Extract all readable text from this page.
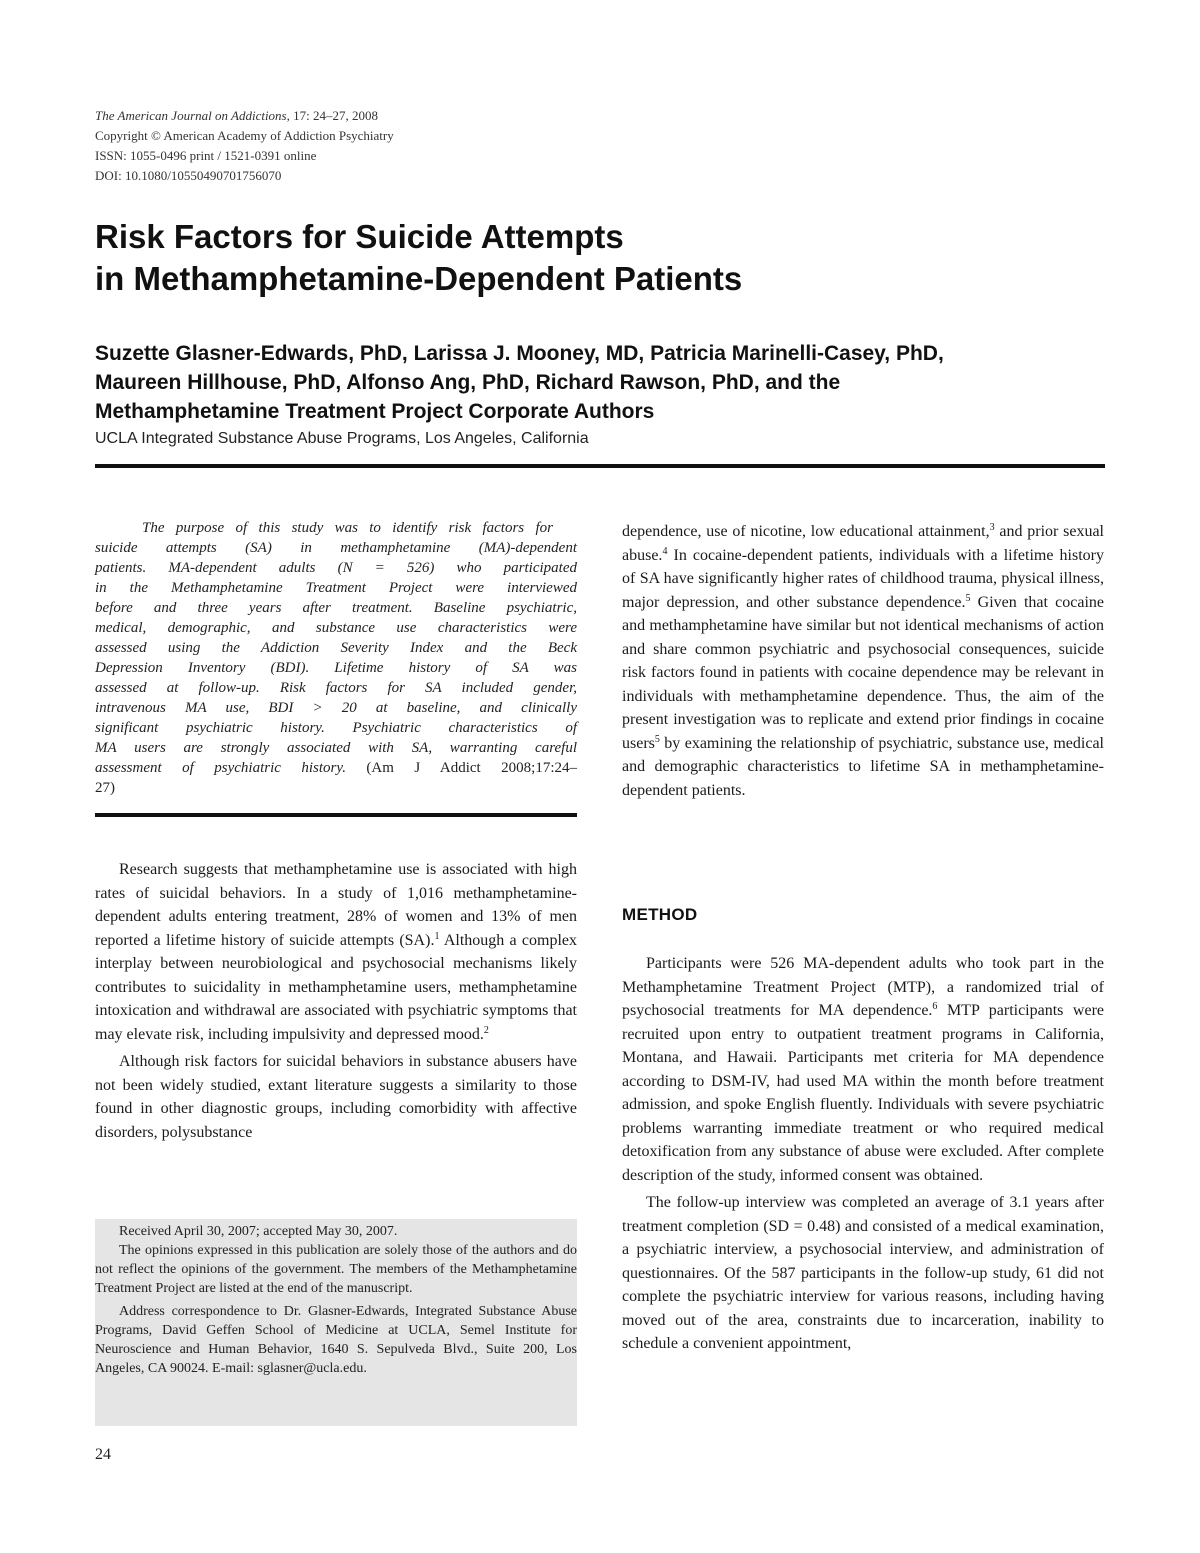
The American Journal on Addictions, 17: 24–27, 2008
Copyright © American Academy of Addiction Psychiatry
ISSN: 1055-0496 print / 1521-0391 online
DOI: 10.1080/10550490701756070
Risk Factors for Suicide Attempts
in Methamphetamine-Dependent Patients
Suzette Glasner-Edwards, PhD, Larissa J. Mooney, MD, Patricia Marinelli-Casey, PhD,
Maureen Hillhouse, PhD, Alfonso Ang, PhD, Richard Rawson, PhD, and the
Methamphetamine Treatment Project Corporate Authors
UCLA Integrated Substance Abuse Programs, Los Angeles, California
The purpose of this study was to identify risk factors for
suicide attempts (SA) in methamphetamine (MA)-dependent
patients. MA-dependent adults (N = 526) who participated
in the Methamphetamine Treatment Project were interviewed
before and three years after treatment. Baseline psychiatric,
medical, demographic, and substance use characteristics were
assessed using the Addiction Severity Index and the Beck
Depression Inventory (BDI). Lifetime history of SA was
assessed at follow-up. Risk factors for SA included gender,
intravenous MA use, BDI > 20 at baseline, and clinically
significant psychiatric history. Psychiatric characteristics of
MA users are strongly associated with SA, warranting careful
assessment of psychiatric history. (Am J Addict 2008;17:24–
27)

Research suggests that methamphetamine use is associated with high rates of suicidal behaviors. In a study of 1,016 methamphetamine-dependent adults entering treatment, 28% of women and 13% of men reported a lifetime history of suicide attempts (SA).$^1$ Although a complex interplay between neurobiological and psychosocial mechanisms likely contributes to suicidality in methamphetamine users, methamphetamine intoxication and withdrawal are associated with psychiatric symptoms that may elevate risk, including impulsivity and depressed mood.$^2$

Although risk factors for suicidal behaviors in substance abusers have not been widely studied, extant literature suggests a similarity to those found in other diagnostic groups, including comorbidity with affective disorders, polysubstance

Received April 30, 2007; accepted May 30, 2007.

The opinions expressed in this publication are solely those of the authors and do not reflect the opinions of the government. The members of the Methamphetamine Treatment Project are listed at the end of the manuscript.

Address correspondence to Dr. Glasner-Edwards, Integrated Substance Abuse Programs, David Geffen School of Medicine at UCLA, Semel Institute for Neuroscience and Human Behavior, 1640 S. Sepulveda Blvd., Suite 200, Los Angeles, CA 90024. E-mail: sglasner@ucla.edu.

24

dependence, use of nicotine, low educational attainment,$^3$ and prior sexual abuse.$^4$ In cocaine-dependent patients, individuals with a lifetime history of SA have significantly higher rates of childhood trauma, physical illness, major depression, and other substance dependence.$^5$ Given that cocaine and methamphetamine have similar but not identical mechanisms of action and share common psychiatric and psychosocial consequences, suicide risk factors found in patients with cocaine dependence may be relevant in individuals with methamphetamine dependence. Thus, the aim of the present investigation was to replicate and extend prior findings in cocaine users$^5$ by examining the relationship of psychiatric, substance use, medical and demographic characteristics to lifetime SA in methamphetamine-dependent patients.

METHOD

Participants were 526 MA-dependent adults who took part in the Methamphetamine Treatment Project (MTP), a randomized trial of psychosocial treatments for MA dependence.$^6$ MTP participants were recruited upon entry to outpatient treatment programs in California, Montana, and Hawaii. Participants met criteria for MA dependence according to DSM-IV, had used MA within the month before treatment admission, and spoke English fluently. Individuals with severe psychiatric problems warranting immediate treatment or who required medical detoxification from any substance of abuse were excluded. After complete description of the study, informed consent was obtained.

The follow-up interview was completed an average of 3.1 years after treatment completion (SD = 0.48) and consisted of a medical examination, a psychiatric interview, a psychosocial interview, and administration of questionnaires. Of the 587 participants in the follow-up study, 61 did not complete the psychiatric interview for various reasons, including having moved out of the area, constraints due to incarceration, inability to schedule a convenient appointment,
